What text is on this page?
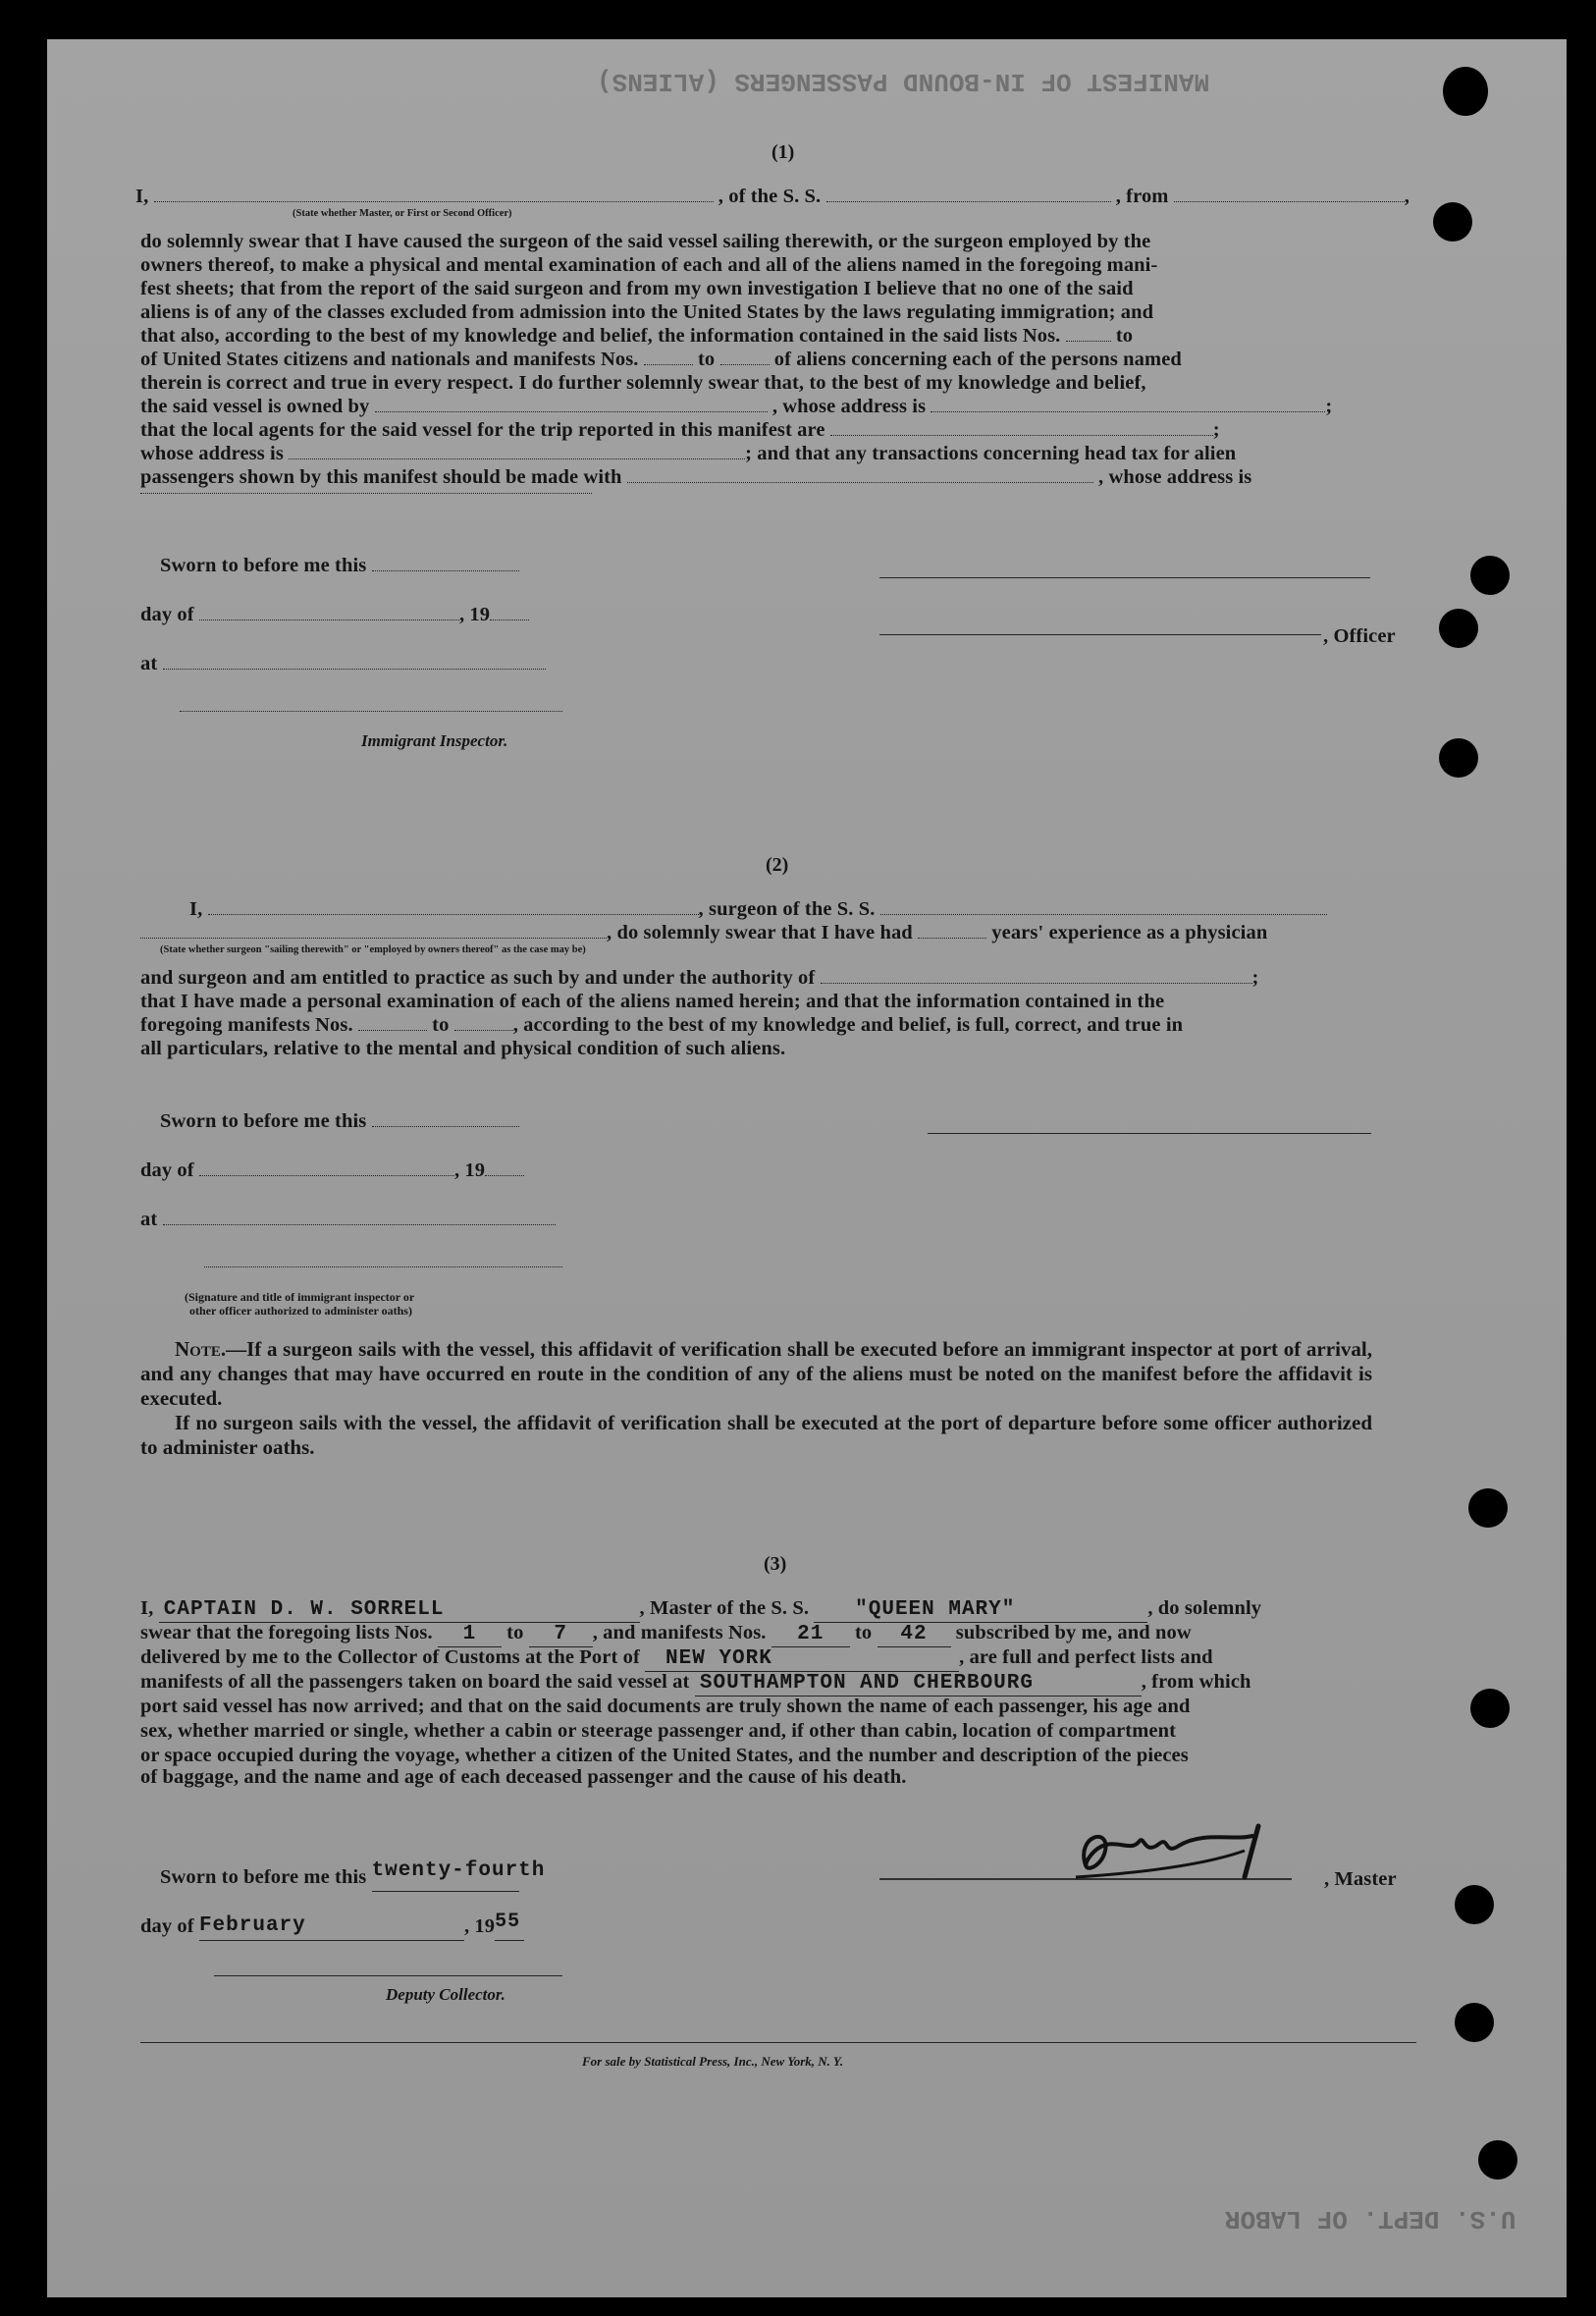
MANIFEST OF IN-BOUND PASSENGERS (ALIENS)
U.S. DEPT. OF LABOR
(1)
I,	, of the S. S.	, from	,
(State whether Master, or First or Second Officer)
do solemnly swear that I have caused the surgeon of the said vessel sailing therewith, or the surgeon employed by the
owners thereof, to make a physical and mental examination of each and all of the aliens named in the foregoing mani-
fest sheets; that from the report of the said surgeon and from my own investigation I believe that no one of the said
aliens is of any of the classes excluded from admission into the United States by the laws regulating immigration; and
that also, according to the best of my knowledge and belief, the information contained in the said lists Nos.	to
of United States citizens and nationals and manifests Nos.	to	of aliens concerning each of the persons named
therein is correct and true in every respect. I do further solemnly swear that, to the best of my knowledge and belief,
the said vessel is owned by	, whose address is	;
that the local agents for the said vessel for the trip reported in this manifest are	;
whose address is	; and that any transactions concerning head tax for alien
passengers shown by this manifest should be made with	, whose address is
Sworn to before me this
day of	, 19
, Officer
at
Immigrant Inspector.
(2)
I,	, surgeon of the S. S.
, do solemnly swear that I have had	years' experience as a physician
(State whether surgeon "sailing therewith" or "employed by owners thereof" as the case may be)
and surgeon and am entitled to practice as such by and under the authority of	;
that I have made a personal examination of each of the aliens named herein; and that the information contained in the
foregoing manifests Nos.	to	, according to the best of my knowledge and belief, is full, correct, and true in
all particulars, relative to the mental and physical condition of such aliens.
Sworn to before me this
day of	, 19
at
(Signature and title of immigrant inspector or
other officer authorized to administer oaths)
Note.—If a surgeon sails with the vessel, this affidavit of verification shall be executed before an immigrant inspector at port of arrival, and any changes that may have occurred en route in the condition of any of the aliens must be noted on the manifest before the affidavit is executed.
If no surgeon sails with the vessel, the affidavit of verification shall be executed at the port of departure before some officer authorized to administer oaths.
(3)
I, CAPTAIN D. W. SORRELL	, Master of the S. S. "QUEEN MARY"	, do solemnly
swear that the foregoing lists Nos. 1 to 7 , and manifests Nos. 21 to 42 subscribed by me, and now
delivered by me to the Collector of Customs at the Port of NEW YORK	, are full and perfect lists and
manifests of all the passengers taken on board the said vessel at SOUTHAMPTON AND CHERBOURG	, from which
port said vessel has now arrived; and that on the said documents are truly shown the name of each passenger, his age and
sex, whether married or single, whether a cabin or steerage passenger and, if other than cabin, location of compartment
or space occupied during the voyage, whether a citizen of the United States, and the number and description of the pieces
of baggage, and the name and age of each deceased passenger and the cause of his death.
Sworn to before me this twenty-fourth	, Master
day of February	, 1955
Deputy Collector.
For sale by Statistical Press, Inc., New York, N. Y.
